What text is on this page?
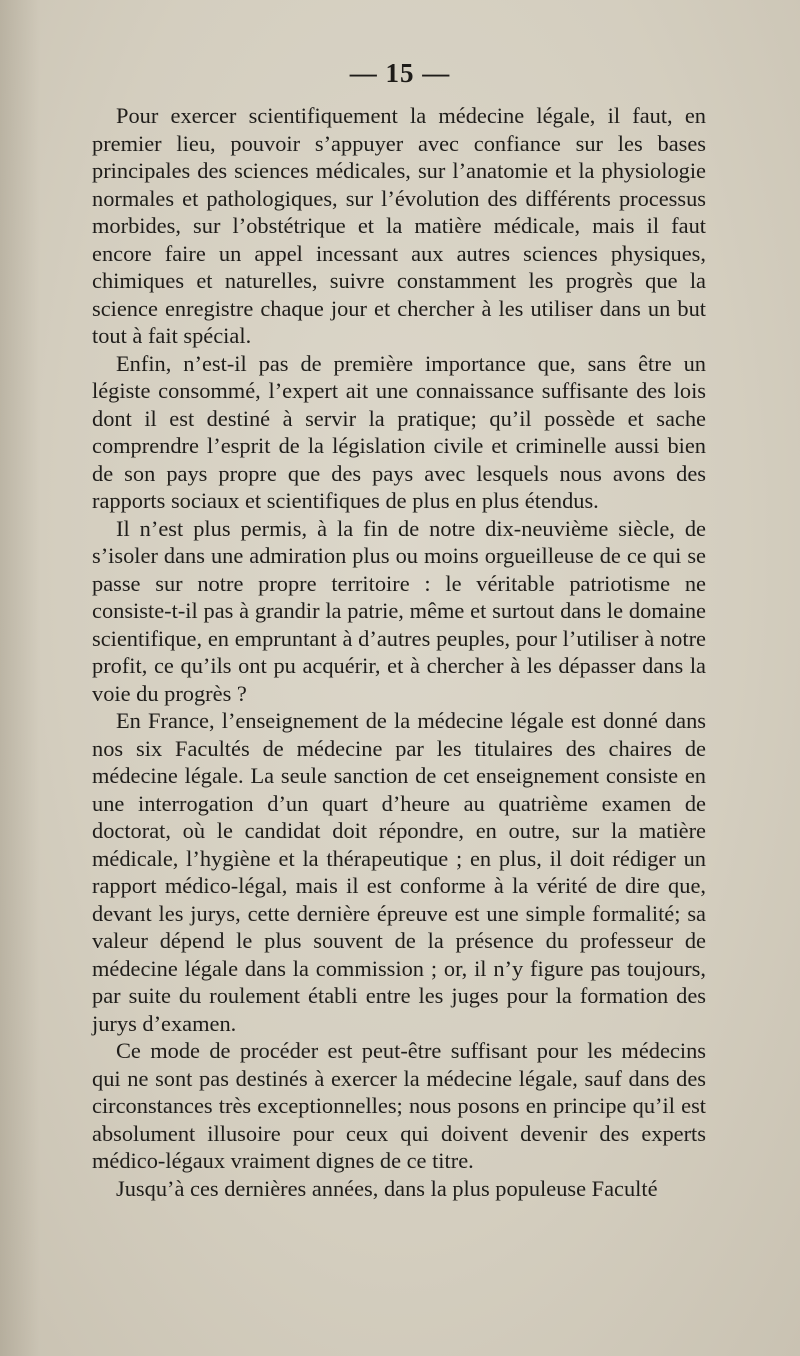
— 15 —

Pour exercer scientifiquement la médecine légale, il faut, en premier lieu, pouvoir s’appuyer avec confiance sur les bases principales des sciences médicales, sur l’anatomie et la physiologie normales et pathologiques, sur l’évolution des différents processus morbides, sur l’obstétrique et la matière médicale, mais il faut encore faire un appel incessant aux autres sciences physiques, chimiques et naturelles, suivre constamment les progrès que la science enregistre chaque jour et chercher à les utiliser dans un but tout à fait spécial.

Enfin, n’est-il pas de première importance que, sans être un légiste consommé, l’expert ait une connaissance suffisante des lois dont il est destiné à servir la pratique; qu’il possède et sache comprendre l’esprit de la législation civile et criminelle aussi bien de son pays propre que des pays avec lesquels nous avons des rapports sociaux et scientifiques de plus en plus étendus.

Il n’est plus permis, à la fin de notre dix-neuvième siècle, de s’isoler dans une admiration plus ou moins orgueilleuse de ce qui se passe sur notre propre territoire : le véritable patriotisme ne consiste-t-il pas à grandir la patrie, même et surtout dans le domaine scientifique, en empruntant à d’autres peuples, pour l’utiliser à notre profit, ce qu’ils ont pu acquérir, et à chercher à les dépasser dans la voie du progrès ?

En France, l’enseignement de la médecine légale est donné dans nos six Facultés de médecine par les titulaires des chaires de médecine légale. La seule sanction de cet enseignement consiste en une interrogation d’un quart d’heure au quatrième examen de doctorat, où le candidat doit répondre, en outre, sur la matière médicale, l’hygiène et la thérapeutique ; en plus, il doit rédiger un rapport médico-légal, mais il est conforme à la vérité de dire que, devant les jurys, cette dernière épreuve est une simple formalité; sa valeur dépend le plus souvent de la présence du professeur de médecine légale dans la commission ; or, il n’y figure pas toujours, par suite du roulement établi entre les juges pour la formation des jurys d’examen.

Ce mode de procéder est peut-être suffisant pour les médecins qui ne sont pas destinés à exercer la médecine légale, sauf dans des circonstances très exceptionnelles; nous posons en principe qu’il est absolument illusoire pour ceux qui doivent devenir des experts médico-légaux vraiment dignes de ce titre.

Jusqu’à ces dernières années, dans la plus populeuse Faculté
